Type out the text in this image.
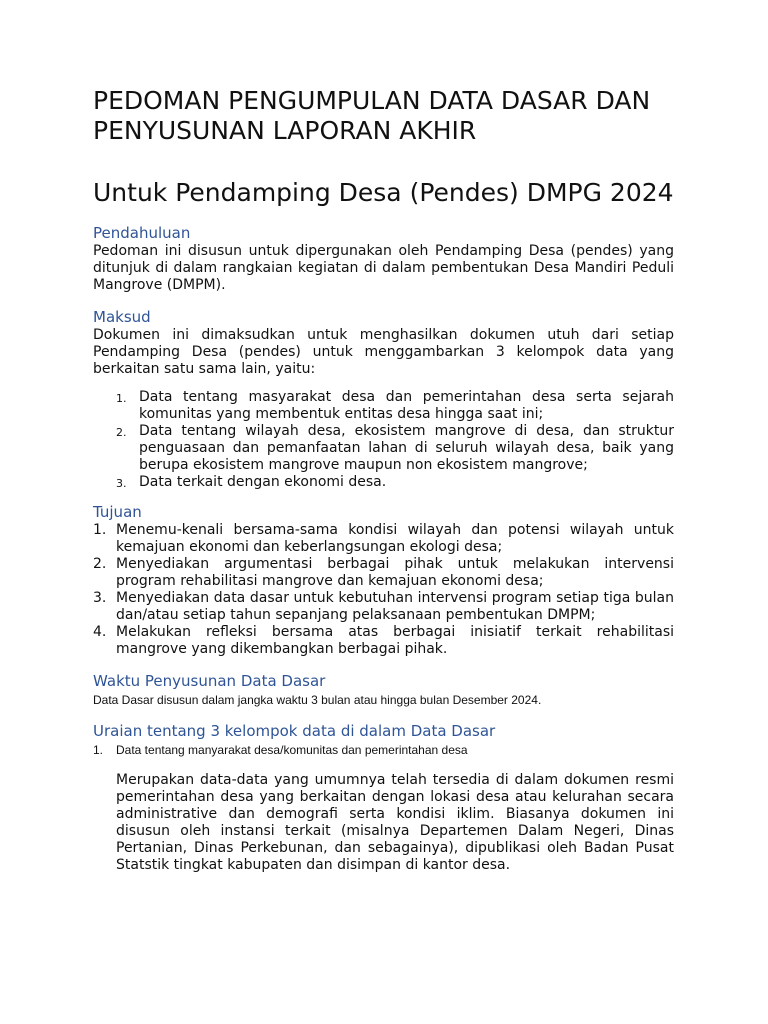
PEDOMAN PENGUMPULAN DATA DASAR DAN PENYUSUNAN LAPORAN AKHIR
Untuk Pendamping Desa (Pendes) DMPG 2024
Pendahuluan

Pedoman ini disusun untuk dipergunakan oleh Pendamping Desa (pendes) yang ditunjuk di dalam rangkaian kegiatan di dalam pembentukan Desa Mandiri Peduli Mangrove (DMPM).

Maksud

Dokumen ini dimaksudkan untuk menghasilkan dokumen utuh dari setiap Pendamping Desa (pendes) untuk menggambarkan 3 kelompok data yang berkaitan satu sama lain, yaitu:

1. Data tentang masyarakat desa dan pemerintahan desa serta sejarah komunitas yang membentuk entitas desa hingga saat ini;
2. Data tentang wilayah desa, ekosistem mangrove di desa, dan struktur penguasaan dan pemanfaatan lahan di seluruh wilayah desa, baik yang berupa ekosistem mangrove maupun non ekosistem mangrove;
3. Data terkait dengan ekonomi desa.
Tujuan
1. Menemu-kenali bersama-sama kondisi wilayah dan potensi wilayah untuk kemajuan ekonomi dan keberlangsungan ekologi desa;
2. Menyediakan argumentasi berbagai pihak untuk melakukan intervensi program rehabilitasi mangrove dan kemajuan ekonomi desa;
3. Menyediakan data dasar untuk kebutuhan intervensi program setiap tiga bulan dan/atau setiap tahun sepanjang pelaksanaan pembentukan DMPM;
4. Melakukan refleksi bersama atas berbagai inisiatif terkait rehabilitasi mangrove yang dikembangkan berbagai pihak.
Waktu Penyusunan Data Dasar

Data Dasar disusun dalam jangka waktu 3 bulan atau hingga bulan Desember 2024.

Uraian tentang 3 kelompok data di dalam Data Dasar
1. Data tentang manyarakat desa/komunitas dan pemerintahan desa

Merupakan data-data yang umumnya telah tersedia di dalam dokumen resmi pemerintahan desa yang berkaitan dengan lokasi desa atau kelurahan secara administrative dan demografi serta kondisi iklim. Biasanya dokumen ini disusun oleh instansi terkait (misalnya Departemen Dalam Negeri, Dinas Pertanian, Dinas Perkebunan, dan sebagainya), dipublikasi oleh Badan Pusat Statstik tingkat kabupaten dan disimpan di kantor desa.
